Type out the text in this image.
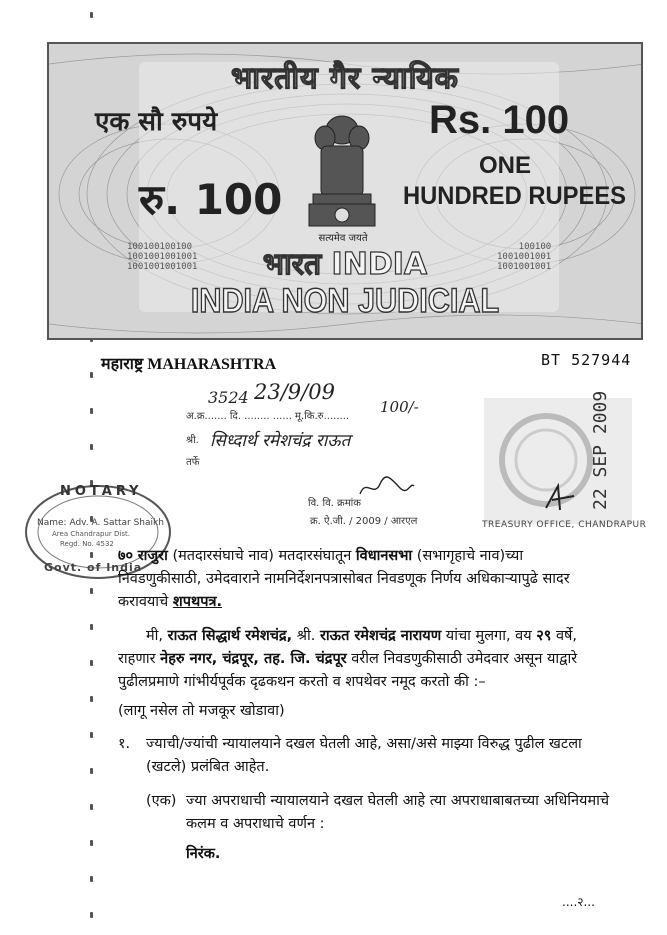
भारतीय गैर न्यायिक
एक सौ रुपये	Rs. 100
ONE
HUNDRED RUPEES
रु. 100
सत्यमेव जयते
100100100100
1001001001001
1001001001001
100100
1001001001
1001001001
भारत INDIA
INDIA NON JUDICIAL
महाराष्ट्र MAHARASHTRA	BT 527944
अ.क्र....... दि. ........ ...... मू.कि.रु........
3524 23/9/09
100/-
श्री. सिध्दार्थ रमेशचंद्र राऊत
तर्फे
वि. वि. क्रमांक
क्र. ऐ.जी. / 2009 / आरएल
22 SEP 2009
TREASURY OFFICE, CHANDRAPUR
NOTARY
Name: Adv. A. Sattar Shaikh
Area Chandrapur Dist.
Regd. No. 4532
Govt. of India
७० राजुरा (मतदारसंघाचे नाव) मतदारसंघातून विधानसभा (सभागृहाचे नाव)च्या
निवडणुकीसाठी, उमेदवाराने नामनिर्देशनपत्रासोबत निवडणूक निर्णय अधिकाऱ्यापुढे सादर
करावयाचे शपथपत्र.
मी, राऊत सिद्धार्थ रमेशचंद्र, श्री. राऊत रमेशचंद्र नारायण यांचा मुलगा, वय २९ वर्षे,
राहणार नेहरु नगर, चंद्रपूर, तह. जि. चंद्रपूर वरील निवडणुकीसाठी उमेदवार असून याद्वारे
पुढीलप्रमाणे गांभीर्यपूर्वक दृढकथन करतो व शपथेवर नमूद करतो की :–
(लागू नसेल तो मजकूर खोडावा)
१. ज्याची/ज्यांची न्यायालयाने दखल घेतली आहे, असा/असे माझ्या विरुद्ध पुढील खटला
(खटले) प्रलंबित आहेत.
(एक) ज्या अपराधाची न्यायालयाने दखल घेतली आहे त्या अपराधाबाबतच्या अधिनियमाचे
कलम व अपराधाचे वर्णन :
निरंक.
....२...
